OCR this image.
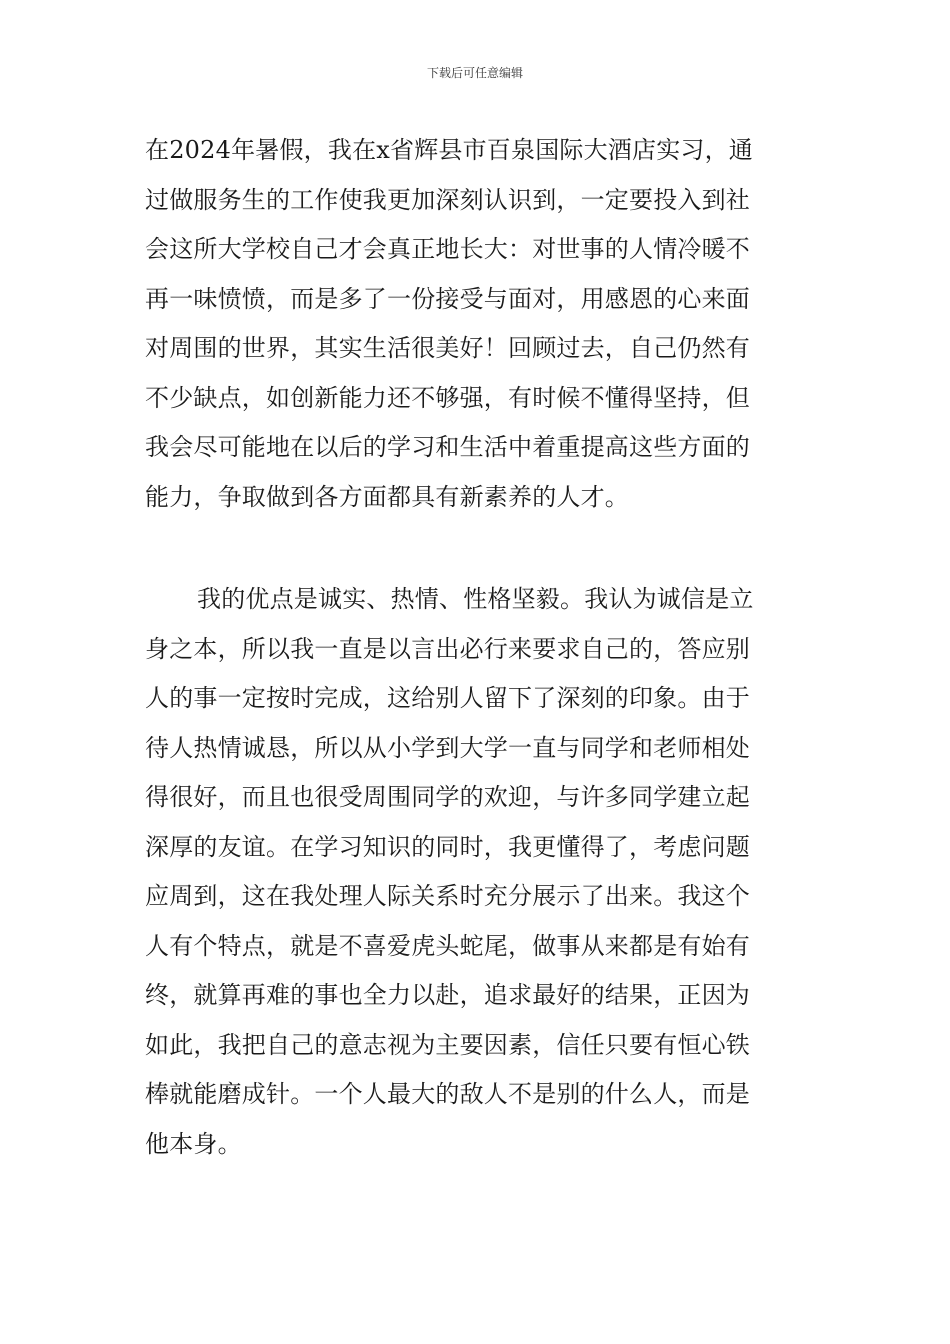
下载后可任意编辑
在2024年暑假，我在x省辉县市百泉国际大酒店实习，通
过做服务生的工作使我更加深刻认识到，一定要投入到社
会这所大学校自己才会真正地长大：对世事的人情冷暖不
再一味愤愤，而是多了一份接受与面对，用感恩的心来面
对周围的世界，其实生活很美好！回顾过去，自己仍然有
不少缺点，如创新能力还不够强，有时候不懂得坚持，但
我会尽可能地在以后的学习和生活中着重提高这些方面的
能力，争取做到各方面都具有新素养的人才。
我的优点是诚实、热情、性格坚毅。我认为诚信是立
身之本，所以我一直是以言出必行来要求自己的，答应别
人的事一定按时完成，这给别人留下了深刻的印象。由于
待人热情诚恳，所以从小学到大学一直与同学和老师相处
得很好，而且也很受周围同学的欢迎，与许多同学建立起
深厚的友谊。在学习知识的同时，我更懂得了，考虑问题
应周到，这在我处理人际关系时充分展示了出来。我这个
人有个特点，就是不喜爱虎头蛇尾，做事从来都是有始有
终，就算再难的事也全力以赴，追求最好的结果，正因为
如此，我把自己的意志视为主要因素，信任只要有恒心铁
棒就能磨成针。一个人最大的敌人不是别的什么人，而是
他本身。
